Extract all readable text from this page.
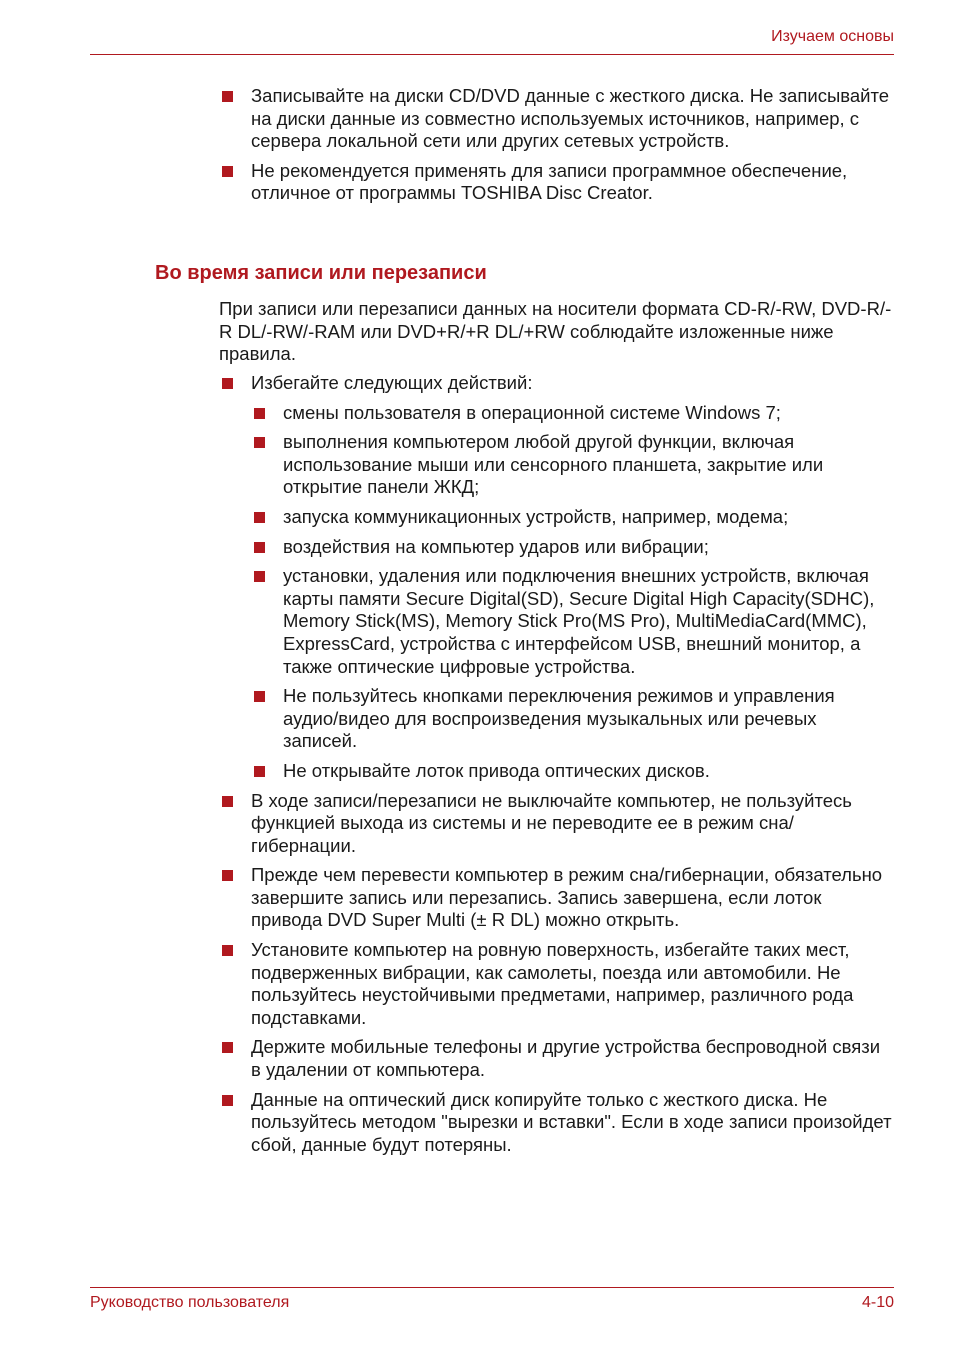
Изучаем основы
Записывайте на диски CD/DVD данные с жесткого диска. Не записывайте на диски данные из совместно используемых источников, например, с сервера локальной сети или других сетевых устройств.
Не рекомендуется применять для записи программное обеспечение, отличное от программы TOSHIBA Disc Creator.
Во время записи или перезаписи

При записи или перезаписи данных на носители формата CD-R/-RW, DVD-R/-R DL/-RW/-RAM или DVD+R/+R DL/+RW соблюдайте изложенные ниже правила.

Избегайте следующих действий:
смены пользователя в операционной системе Windows 7;
выполнения компьютером любой другой функции, включая использование мыши или сенсорного планшета, закрытие или открытие панели ЖКД;
запуска коммуникационных устройств, например, модема;
воздействия на компьютер ударов или вибрации;
установки, удаления или подключения внешних устройств, включая карты памяти Secure Digital(SD), Secure Digital High Capacity(SDHC), Memory Stick(MS), Memory Stick Pro(MS Pro), MultiMediaCard(MMC), ExpressCard, устройства с интерфейсом USB, внешний монитор, а также оптические цифровые устройства.
Не пользуйтесь кнопками переключения режимов и управления аудио/видео для воспроизведения музыкальных или речевых записей.
Не открывайте лоток привода оптических дисков.
В ходе записи/перезаписи не выключайте компьютер, не пользуйтесь функцией выхода из системы и не переводите ее в режим сна/гибернации.
Прежде чем перевести компьютер в режим сна/гибернации, обязательно завершите запись или перезапись. Запись завершена, если лоток привода DVD Super Multi (± R DL) можно открыть.
Установите компьютер на ровную поверхность, избегайте таких мест, подверженных вибрации, как самолеты, поезда или автомобили. Не пользуйтесь неустойчивыми предметами, например, различного рода подставками.
Держите мобильные телефоны и другие устройства беспроводной связи в удалении от компьютера.
Данные на оптический диск копируйте только с жесткого диска. Не пользуйтесь методом "вырезки и вставки". Если в ходе записи произойдет сбой, данные будут потеряны.
Руководство пользователя	4-10
